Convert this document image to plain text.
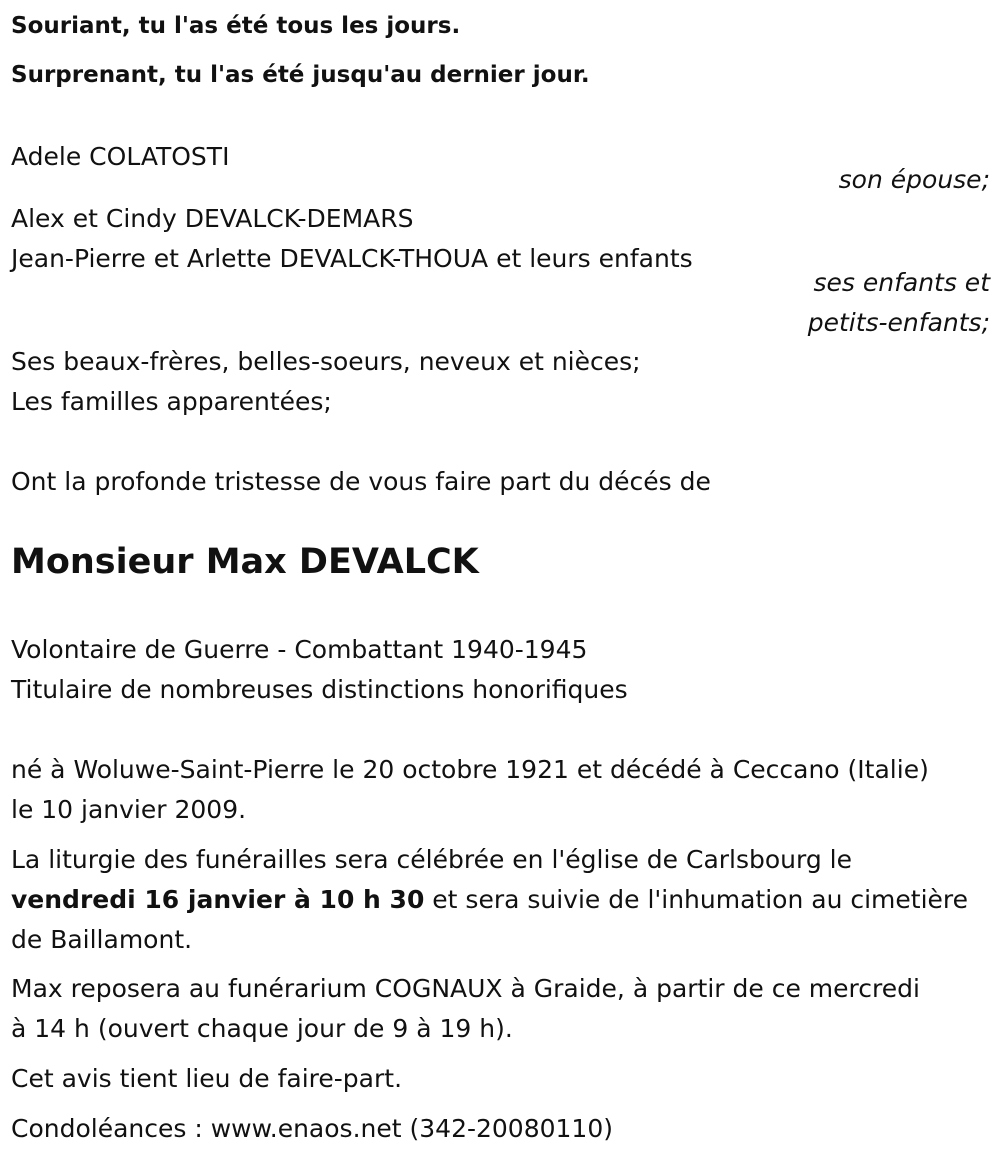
Souriant, tu l'as été tous les jours.
Surprenant, tu l'as été jusqu'au dernier jour.
Adele COLATOSTI
son épouse;
Alex et Cindy DEVALCK-DEMARS
Jean-Pierre et Arlette DEVALCK-THOUA et leurs enfants
ses enfants et
petits-enfants;
Ses beaux-frères, belles-soeurs, neveux et nièces;
Les familles apparentées;
Ont la profonde tristesse de vous faire part du décés de
Monsieur Max DEVALCK
Volontaire de Guerre - Combattant 1940-1945
Titulaire de nombreuses distinctions honorifiques
né à Woluwe-Saint-Pierre le 20 octobre 1921 et décédé à Ceccano (Italie)
le 10 janvier 2009.
La liturgie des funérailles sera célébrée en l'église de Carlsbourg le
vendredi 16 janvier à 10 h 30 et sera suivie de l'inhumation au cimetière
de Baillamont.
Max reposera au funérarium COGNAUX à Graide, à partir de ce mercredi
à 14 h (ouvert chaque jour de 9 à 19 h).
Cet avis tient lieu de faire-part.
Condoléances : www.enaos.net (342-20080110)
